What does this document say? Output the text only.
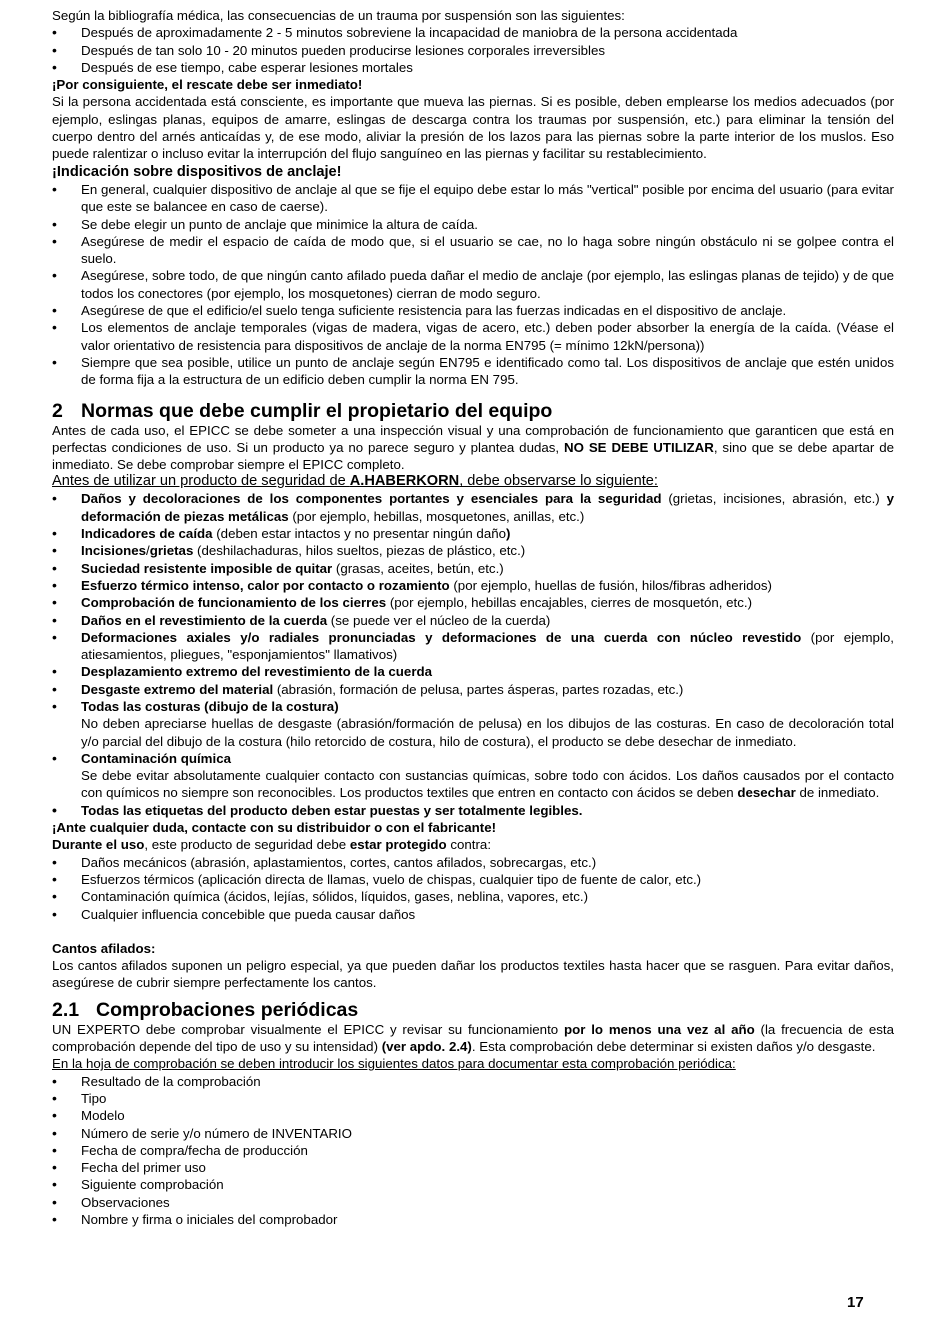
Según la bibliografía médica, las consecuencias de un trauma por suspensión son las siguientes:

• Después de aproximadamente 2 - 5 minutos sobreviene la incapacidad de maniobra de la persona accidentada
• Después de tan solo 10 - 20 minutos pueden producirse lesiones corporales irreversibles
• Después de ese tiempo, cabe esperar lesiones mortales

¡Por consiguiente, el rescate debe ser inmediato!

Si la persona accidentada está consciente, es importante que mueva las piernas. Si es posible, deben emplearse los medios adecuados (por ejemplo, eslingas planas, equipos de amarre, eslingas de descarga contra los traumas por suspensión, etc.) para eliminar la tensión del cuerpo dentro del arnés anticaídas y, de ese modo, aliviar la presión de los lazos para las piernas sobre la parte interior de los muslos. Eso puede ralentizar o incluso evitar la interrupción del flujo sanguíneo en las piernas y facilitar su restablecimiento.

¡Indicación sobre dispositivos de anclaje!

• En general, cualquier dispositivo de anclaje al que se fije el equipo debe estar lo más "vertical" posible por encima del usuario (para evitar que este se balancee en caso de caerse).
• Se debe elegir un punto de anclaje que minimice la altura de caída.
• Asegúrese de medir el espacio de caída de modo que, si el usuario se cae, no lo haga sobre ningún obstáculo ni se golpee contra el suelo.
• Asegúrese, sobre todo, de que ningún canto afilado pueda dañar el medio de anclaje (por ejemplo, las eslingas planas de tejido) y de que todos los conectores (por ejemplo, los mosquetones) cierran de modo seguro.
• Asegúrese de que el edificio/el suelo tenga suficiente resistencia para las fuerzas indicadas en el dispositivo de anclaje.
• Los elementos de anclaje temporales (vigas de madera, vigas de acero, etc.) deben poder absorber la energía de la caída. (Véase el valor orientativo de resistencia para dispositivos de anclaje de la norma EN795 (= mínimo 12kN/persona))
• Siempre que sea posible, utilice un punto de anclaje según EN795 e identificado como tal. Los dispositivos de anclaje que estén unidos de forma fija a la estructura de un edificio deben cumplir la norma EN 795.
2 Normas que debe cumplir el propietario del equipo

Antes de cada uso, el EPICC se debe someter a una inspección visual y una comprobación de funcionamiento que garanticen que está en perfectas condiciones de uso. Si un producto ya no parece seguro y plantea dudas, NO SE DEBE UTILIZAR, sino que se debe apartar de inmediato. Se debe comprobar siempre el EPICC completo.

Antes de utilizar un producto de seguridad de A.HABERKORN, debe observarse lo siguiente:

• Daños y decoloraciones de los componentes portantes y esenciales para la seguridad (grietas, incisiones, abrasión, etc.) y deformación de piezas metálicas (por ejemplo, hebillas, mosquetones, anillas, etc.)
• Indicadores de caída (deben estar intactos y no presentar ningún daño)
• Incisiones/grietas (deshilachaduras, hilos sueltos, piezas de plástico, etc.)
• Suciedad resistente imposible de quitar (grasas, aceites, betún, etc.)
• Esfuerzo térmico intenso, calor por contacto o rozamiento (por ejemplo, huellas de fusión, hilos/fibras adheridos)
• Comprobación de funcionamiento de los cierres (por ejemplo, hebillas encajables, cierres de mosquetón, etc.)
• Daños en el revestimiento de la cuerda (se puede ver el núcleo de la cuerda)
• Deformaciones axiales y/o radiales pronunciadas y deformaciones de una cuerda con núcleo revestido (por ejemplo, atiesamientos, pliegues, "esponjamientos" llamativos)
• Desplazamiento extremo del revestimiento de la cuerda
• Desgaste extremo del material (abrasión, formación de pelusa, partes ásperas, partes rozadas, etc.)
• Todas las costuras (dibujo de la costura)
No deben apreciarse huellas de desgaste (abrasión/formación de pelusa) en los dibujos de las costuras. En caso de decoloración total y/o parcial del dibujo de la costura (hilo retorcido de costura, hilo de costura), el producto se debe desechar de inmediato.
• Contaminación química
Se debe evitar absolutamente cualquier contacto con sustancias químicas, sobre todo con ácidos. Los daños causados por el contacto con químicos no siempre son reconocibles. Los productos textiles que entren en contacto con ácidos se deben desechar de inmediato.
• Todas las etiquetas del producto deben estar puestas y ser totalmente legibles.

¡Ante cualquier duda, contacte con su distribuidor o con el fabricante!

Durante el uso, este producto de seguridad debe estar protegido contra:

• Daños mecánicos (abrasión, aplastamientos, cortes, cantos afilados, sobrecargas, etc.)
• Esfuerzos térmicos (aplicación directa de llamas, vuelo de chispas, cualquier tipo de fuente de calor, etc.)
• Contaminación química (ácidos, lejías, sólidos, líquidos, gases, neblina, vapores, etc.)
• Cualquier influencia concebible que pueda causar daños

Cantos afilados:

Los cantos afilados suponen un peligro especial, ya que pueden dañar los productos textiles hasta hacer que se rasguen. Para evitar daños, asegúrese de cubrir siempre perfectamente los cantos.

2.1 Comprobaciones periódicas

UN EXPERTO debe comprobar visualmente el EPICC y revisar su funcionamiento por lo menos una vez al año (la frecuencia de esta comprobación depende del tipo de uso y su intensidad) (ver apdo. 2.4). Esta comprobación debe determinar si existen daños y/o desgaste.

En la hoja de comprobación se deben introducir los siguientes datos para documentar esta comprobación periódica:

• Resultado de la comprobación
• Tipo
• Modelo
• Número de serie y/o número de INVENTARIO
• Fecha de compra/fecha de producción
• Fecha del primer uso
• Siguiente comprobación
• Observaciones
• Nombre y firma o iniciales del comprobador
17
